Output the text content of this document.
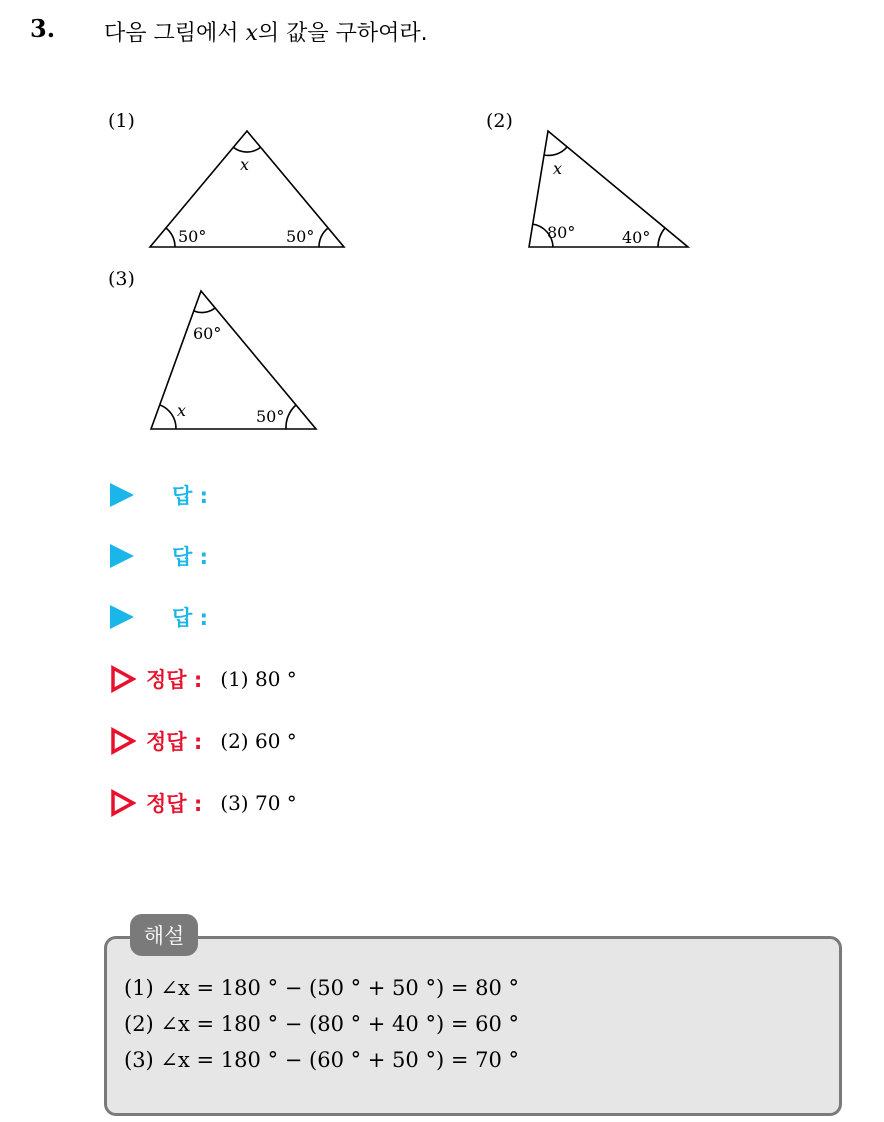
3. 다음 그림에서 x의 값을 구하여라.
(1)	(2)
(3)
x
50°	50°
x
80°	40°
60°
x	50°
답 :
답 :
답 :
정답 : (1) 80 °
정답 : (2) 60 °
정답 : (3) 70 °
해설
(1) ∠x = 180 ° − (50 ° + 50 °) = 80 °
(2) ∠x = 180 ° − (80 ° + 40 °) = 60 °
(3) ∠x = 180 ° − (60 ° + 50 °) = 70 °
